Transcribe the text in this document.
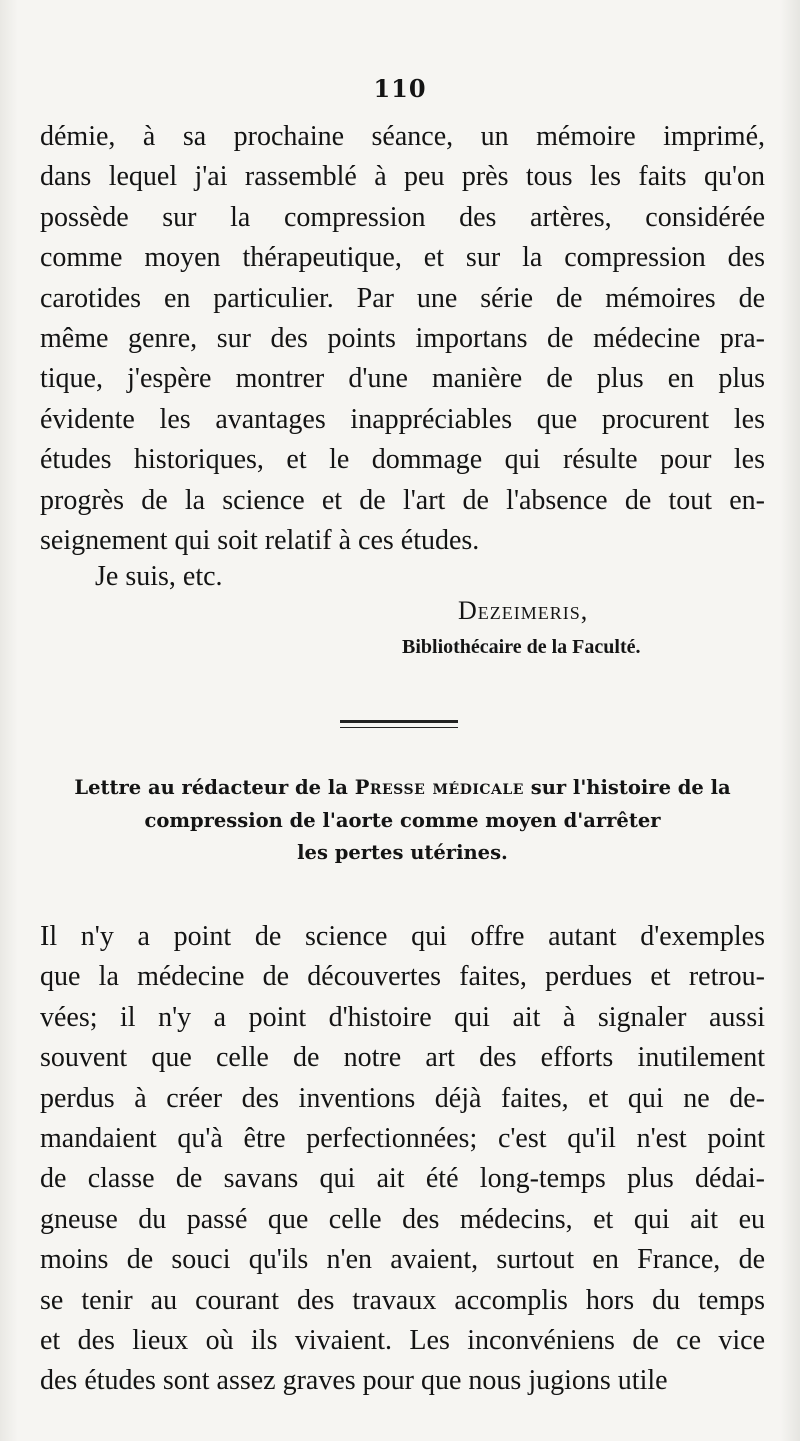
110
démie, à sa prochaine séance, un mémoire imprimé,
dans lequel j'ai rassemblé à peu près tous les faits qu'on
possède sur la compression des artères, considérée
comme moyen thérapeutique, et sur la compression des
carotides en particulier. Par une série de mémoires de
même genre, sur des points importans de médecine pra-
tique, j'espère montrer d'une manière de plus en plus
évidente les avantages inappréciables que procurent les
études historiques, et le dommage qui résulte pour les
progrès de la science et de l'art de l'absence de tout en-
seignement qui soit relatif à ces études.
Je suis, etc.
Dezeimeris,
Bibliothécaire de la Faculté.
Lettre au rédacteur de la Presse médicale sur l'histoire de la
compression de l'aorte comme moyen d'arrêter
les pertes utérines.
Il n'y a point de science qui offre autant d'exemples
que la médecine de découvertes faites, perdues et retrou-
vées; il n'y a point d'histoire qui ait à signaler aussi
souvent que celle de notre art des efforts inutilement
perdus à créer des inventions déjà faites, et qui ne de-
mandaient qu'à être perfectionnées; c'est qu'il n'est point
de classe de savans qui ait été long-temps plus dédai-
gneuse du passé que celle des médecins, et qui ait eu
moins de souci qu'ils n'en avaient, surtout en France, de
se tenir au courant des travaux accomplis hors du temps
et des lieux où ils vivaient. Les inconvéniens de ce vice
des études sont assez graves pour que nous jugions utile
